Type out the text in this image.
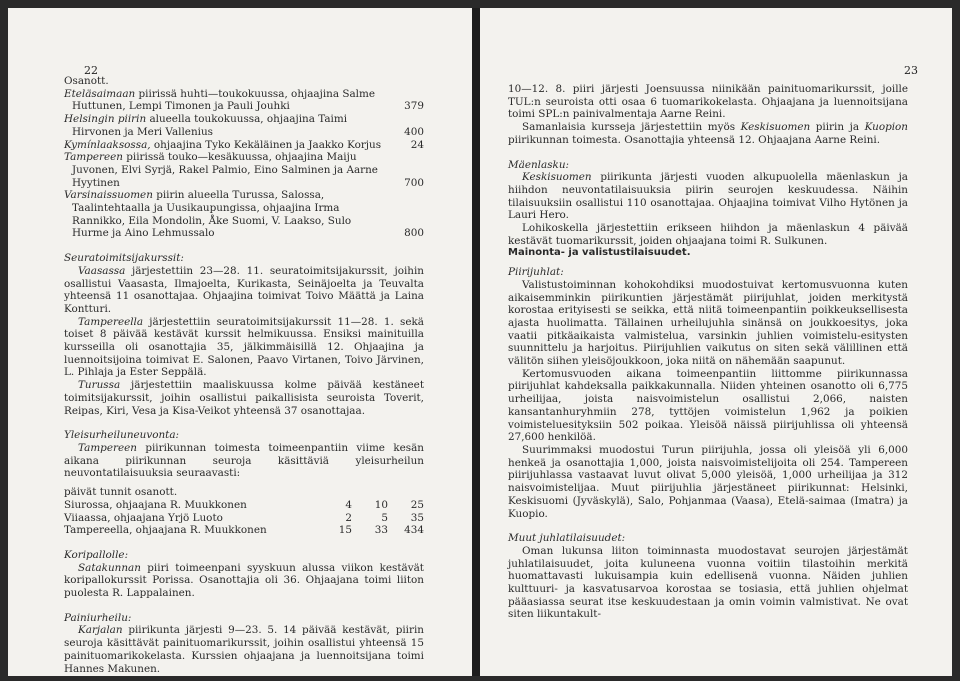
22

Osanott.

Eteläsaimaan piirissä huhti—toukokuussa, ohjaajina Salme Huttunen, Lempi Timonen ja Pauli Jouhki	379
Helsingin piirin alueella toukokuussa, ohjaajina Taimi Hirvonen ja Meri Vallenius	400
Kymínlaaksossa, ohjaajina Tyko Kekäläinen ja Jaakko Korjus	24
Tampereen piirissä touko—kesäkuussa, ohjaajina Maiju Juvonen, Elvi Syrjä, Rakel Palmio, Eino Salminen ja Aarne Hyytinen	700
Varsinaissuomen piirin alueella Turussa, Salossa, Taalintehtaalla ja Uusikaupungissa, ohjaajina Irma Rannikko, Eila Mondolin, Åke Suomi, V. Laakso, Sulo Hurme ja Aino Lehmussalo	800

Seuratoimitsijakurssit:

Vaasassa järjestettiin 23—28. 11. seuratoimitsijakurssit, joihin osallistui Vaasasta, Ilmajoelta, Kurikasta, Seinäjoelta ja Teuvalta yhteensä 11 osanottajaa. Ohjaajina toimivat Toivo Määttä ja Laina Kontturi.

Tampereella järjestettiin seuratoimitsijakurssit 11—28. 1. sekä toiset 8 päivää kestävät kurssit helmikuussa. Ensiksi mainituilla kursseilla oli osanottajia 35, jälkimmäisillä 12. Ohjaajina ja luennoitsijoina toimivat E. Salonen, Paavo Virtanen, Toivo Järvinen, L. Pihlaja ja Ester Seppälä.

Turussa järjestettiin maaliskuussa kolme päivää kestäneet toimitsijakurssit, joihin osallistui paikallisista seuroista Toverit, Reipas, Kiri, Vesa ja Kisa-Veikot yhteensä 37 osanottajaa.

Yleisurheiluneuvonta:

Tampereen piirikunnan toimesta toimeenpantiin viime kesän aikana piirikunnan seuroja käsittäviä yleisurheilun neuvontatilaisuuksia seuraavasti:

päivät tunnit osanott.

Siurossa, ohjaajana R. Muukkonen	4	10	25
Viiaassa, ohjaajana Yrjö Luoto	2	5	35
Tampereella, ohjaajana R. Muukkonen	15	33	434

Koripallolle:

Satakunnan piiri toimeenpani syyskuun alussa viikon kestävät koripallokurssit Porissa. Osanottajia oli 36. Ohjaajana toimi liiton puolesta R. Lappalainen.

Painiurheilu:

Karjalan piirikunta järjesti 9—23. 5. 14 päivää kestävät, piirin seuroja käsittävät painituomarikurssit, joihin osallistui yhteensä 15 painituomarikokelasta. Kurssien ohjaajana ja luennoitsijana toimi Hannes Makunen.

23

10—12. 8. piiri järjesti Joensuussa niinikään painituomarikurssit, joille TUL:n seuroista otti osaa 6 tuomarikokelasta. Ohjaajana ja luennoitsijana toimi SPL:n painivalmentaja Aarne Reini.

Samanlaisia kursseja järjestettiin myös Keskisuomen piirin ja Kuopion piirikunnan toimesta. Osanottajia yhteensä 12. Ohjaajana Aarne Reini.

Mäenlasku:

Keskisuomen piirikunta järjesti vuoden alkupuolella mäenlaskun ja hiihdon neuvontatilaisuuksia piirin seurojen keskuudessa. Näihin tilaisuuksiin osallistui 110 osanottajaa. Ohjaajina toimivat Vilho Hytönen ja Lauri Hero.

Lohikoskella järjestettiin erikseen hiihdon ja mäenlaskun 4 päivää kestävät tuomarikurssit, joiden ohjaajana toimi R. Sulkunen.

Mainonta- ja valistustilaisuudet.

Piirijuhlat:

Valistustoiminnan kohokohdiksi muodostuivat kertomusvuonna kuten aikaisemminkin piirikuntien järjestämät piirijuhlat, joiden merkitystä korostaa erityisesti se seikka, että niitä toimeenpantiin poikkeuksellisesta ajasta huolimatta. Tällainen urheilujuhla sinänsä on joukkoesitys, joka vaatii pitkäaikaista valmistelua, varsinkin juhlien voimistelu-esitysten suunnittelu ja harjoitus. Piirijuhlien vaikutus on siten sekä välillinen että välitön siihen yleisöjoukkoon, joka niitä on nähemään saapunut.

Kertomusvuoden aikana toimeenpantiin liittomme piirikunnassa piirijuhlat kahdeksalla paikkakunnalla. Niiden yhteinen osanotto oli 6,775 urheilijaa, joista naisvoimistelun osallistui 2,066, naisten kansantanhuryhmiin 278, tyttöjen voimistelun 1,962 ja poikien voimisteluesityksiin 502 poikaa. Yleisöä näissä piirijuhlissa oli yhteensä 27,600 henkilöä.

Suurimmaksi muodostui Turun piirijuhla, jossa oli yleisöä yli 6,000 henkeä ja osanottajia 1,000, joista naisvoimistelijoita oli 254. Tampereen piirijuhlassa vastaavat luvut olivat 5,000 yleisöä, 1,000 urheilijaa ja 312 naisvoimistelijaa. Muut piirijuhlia järjestäneet piirikunnat: Helsinki, Keskisuomi (Jyväskylä), Salo, Pohjanmaa (Vaasa), Etelä-saimaa (Imatra) ja Kuopio.

Muut juhlatilaisuudet:

Oman lukunsa liiton toiminnasta muodostavat seurojen järjestämät juhlatilaisuudet, joita kuluneena vuonna voitiin tilastoihin merkitä huomattavasti lukuisampia kuin edellisenä vuonna. Näiden juhlien kulttuuri- ja kasvatusarvoa korostaa se tosiasia, että juhlien ohjelmat pääasiassa seurat itse keskuudestaan ja omin voimin valmistivat. Ne ovat siten liikuntakult-
